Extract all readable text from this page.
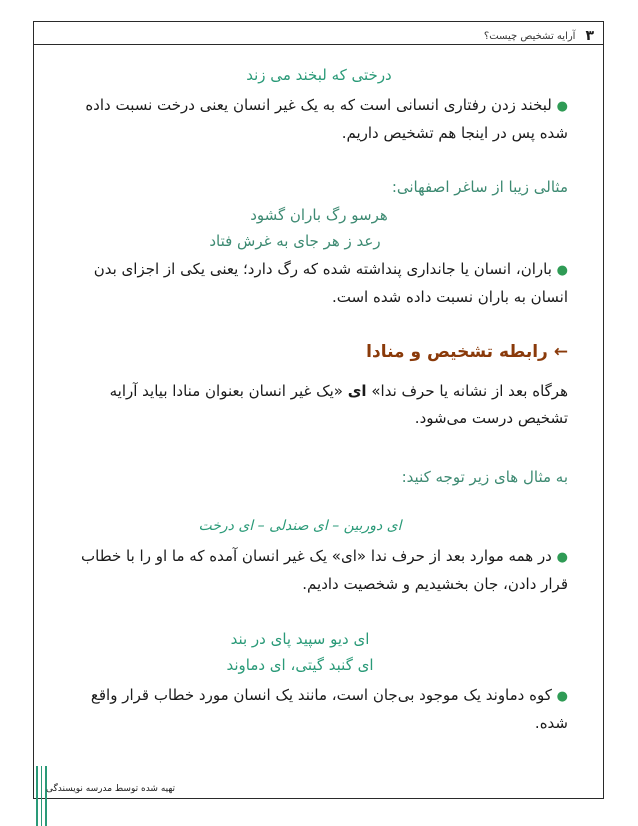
۳
آرایه تشخیص چیست؟
درختی که لبخند می زند
● لبخند زدن رفتاری انسانی است که به یک غیر انسان یعنی درخت نسبت داده شده پس در اینجا هم تشخیص داریم.
مثالی زیبا از ساغر اصفهانی:
هرسو رگ باران گشود
رعد ز هر جای به غرش فتاد
● باران، انسان یا جانداری پنداشته شده که رگ دارد؛ یعنی یکی از اجزای بدن انسان به باران نسبت داده شده است.
← رابطه تشخیص و منادا
هرگاه بعد از نشانه یا حرف ندا» ای «یک غیر انسان بعنوان منادا بیاید آرایه تشخیص درست می‌شود.
به مثال های زیر توجه کنید:
ای دوربین – ای صندلی – ای درخت
● در همه موارد بعد از حرف ندا «ای» یک غیر انسان آمده که ما او را با خطاب قرار دادن، جان بخشیدیم و شخصیت دادیم.
ای دیو سپید پای در بند
ای گنبد گیتی، ای دماوند
● کوه دماوند یک موجود بی‌جان است، مانند یک انسان مورد خطاب قرار واقع شده.
تهیه شده توسط مدرسه نویسندگی
